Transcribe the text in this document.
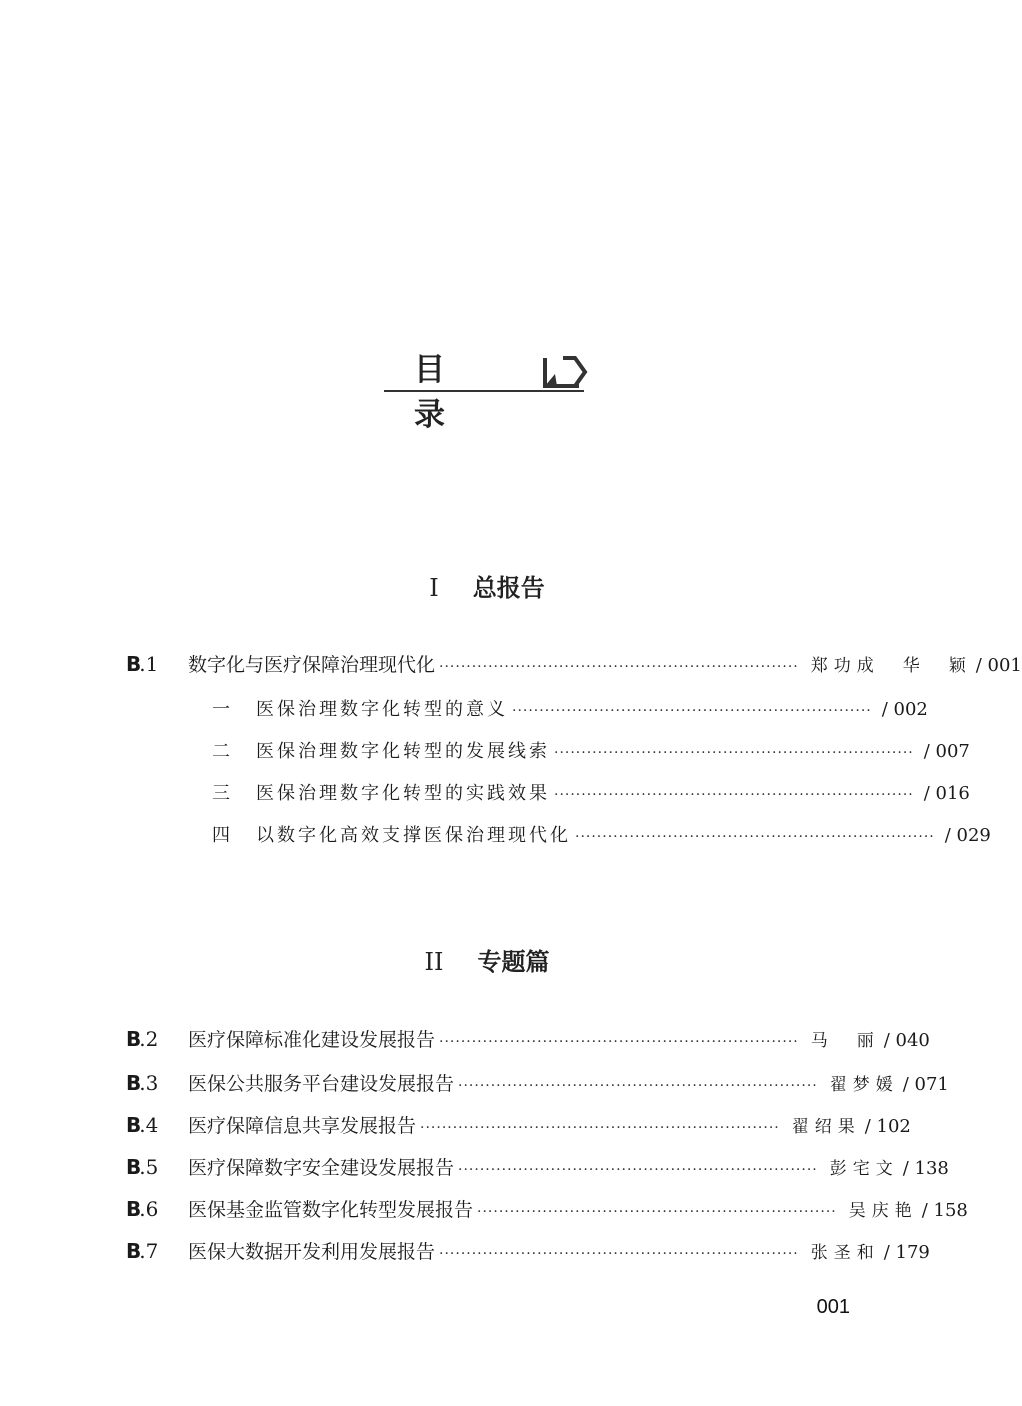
目 录
I 总报告
B.1	数字化与医疗保障治理现代化 ·································································· 郑功成　华　颖 / 001
一	医保治理数字化转型的意义 ·································································· / 002
二	医保治理数字化转型的发展线索 ·································································· / 007
三	医保治理数字化转型的实践效果 ·································································· / 016
四	以数字化高效支撑医保治理现代化 ·································································· / 029
II 专题篇
B.2	医疗保障标准化建设发展报告 ·································································· 马　丽 / 040
B.3	医保公共服务平台建设发展报告 ·································································· 翟梦媛 / 071
B.4	医疗保障信息共享发展报告 ·································································· 翟绍果 / 102
B.5	医疗保障数字安全建设发展报告 ·································································· 彭宅文 / 138
B.6	医保基金监管数字化转型发展报告 ·································································· 吴庆艳 / 158
B.7	医保大数据开发利用发展报告 ·································································· 张圣和 / 179
001
